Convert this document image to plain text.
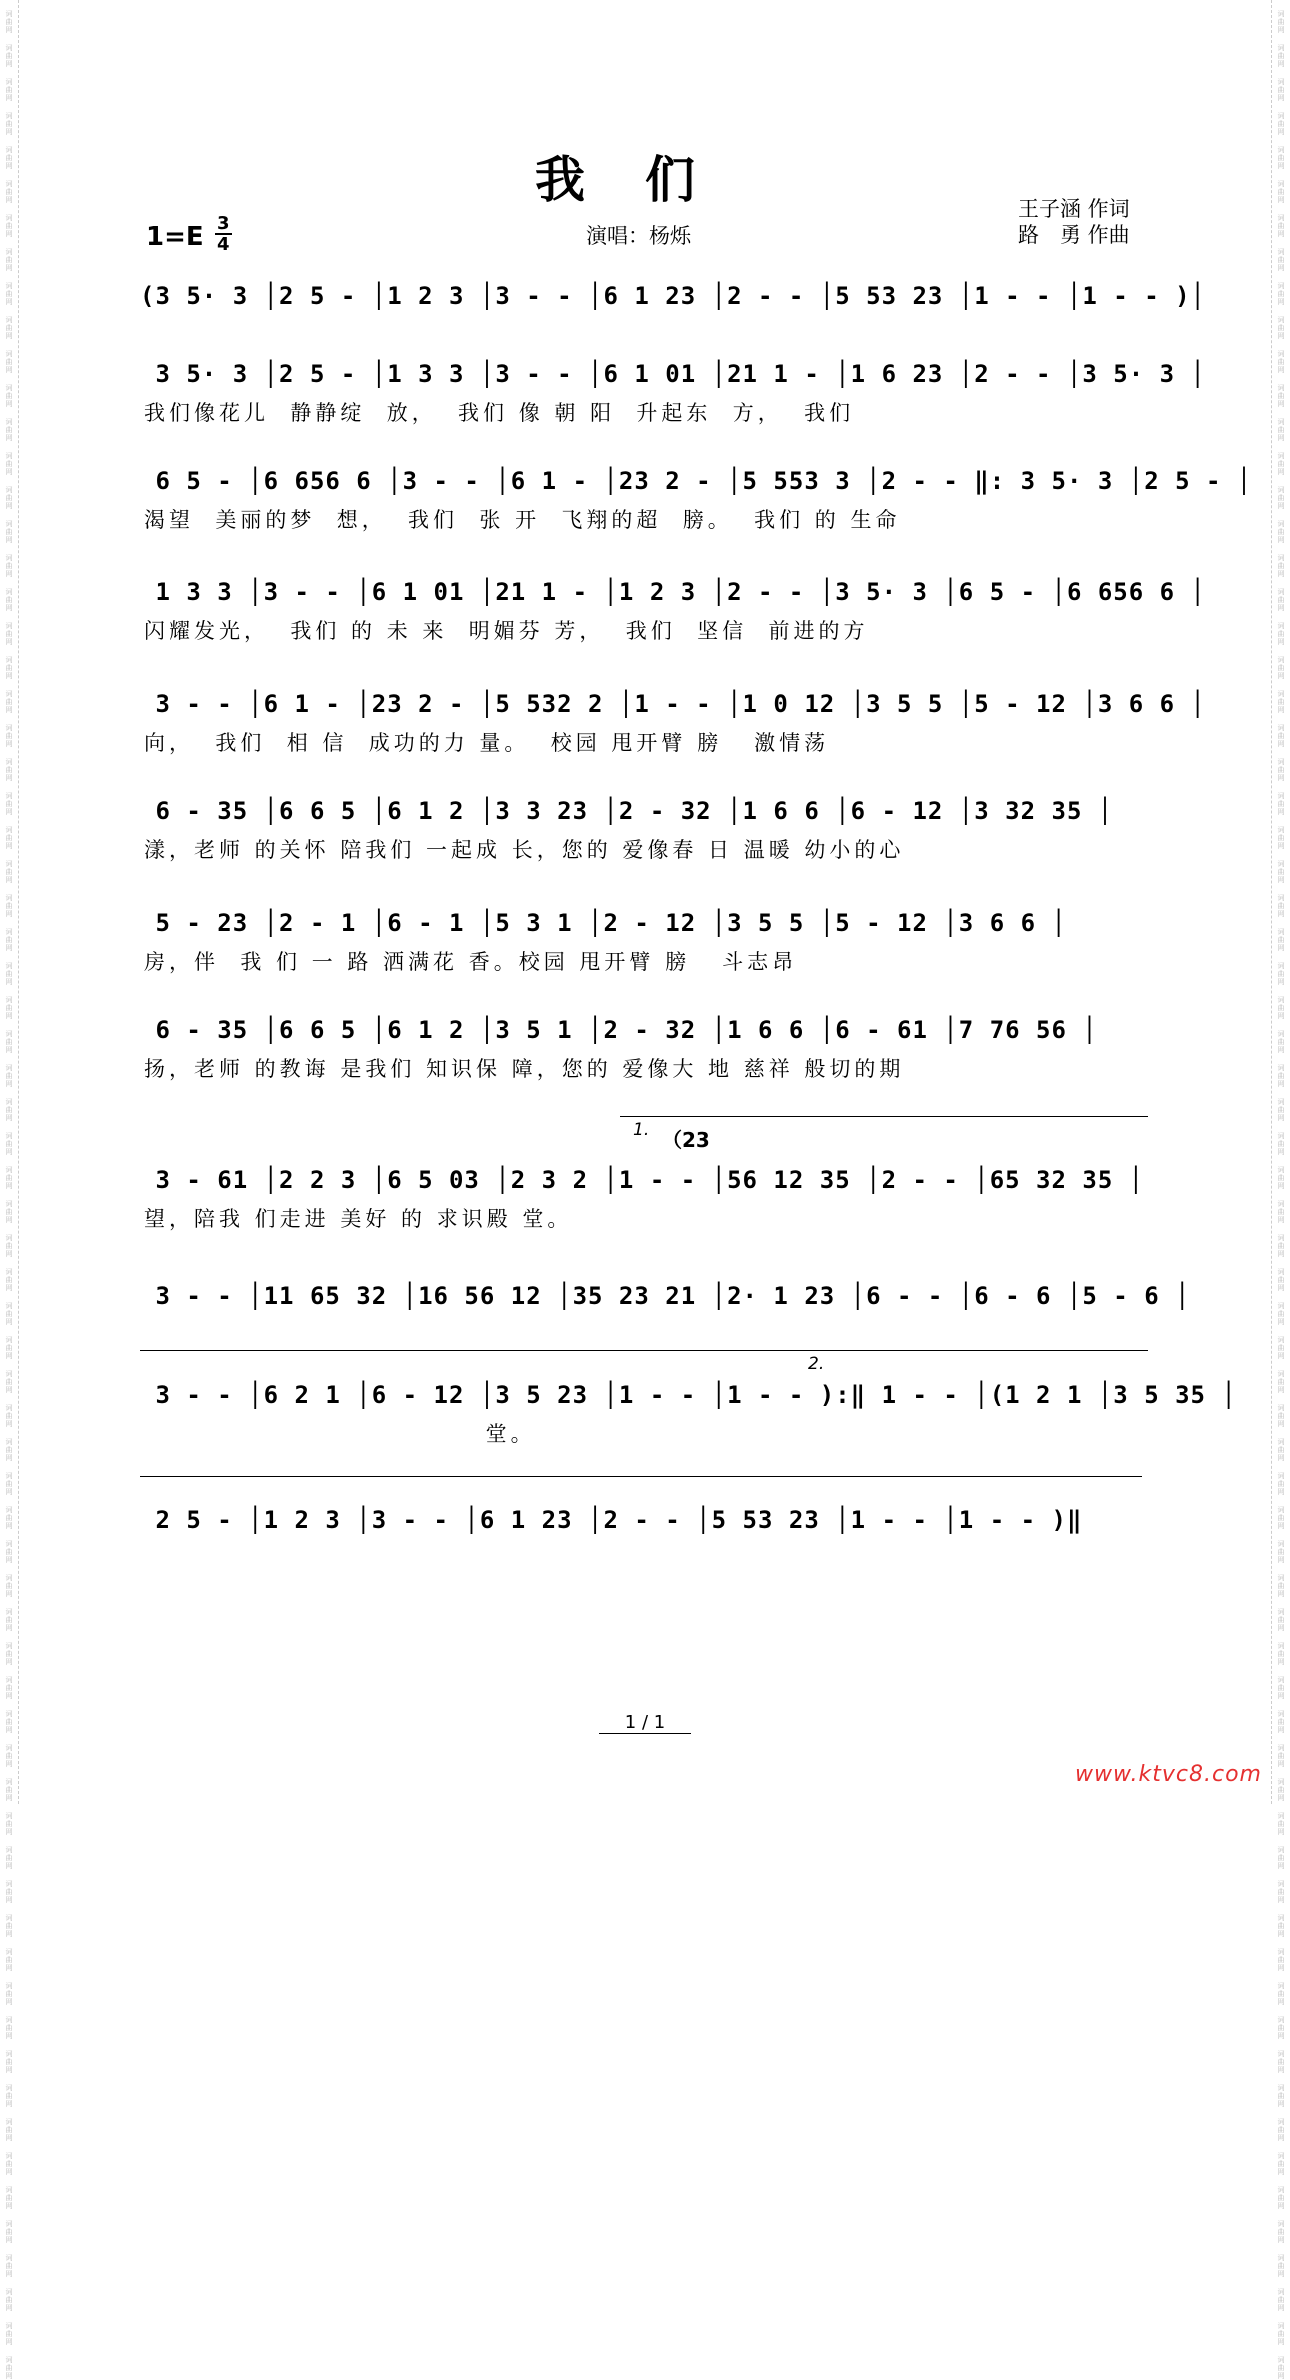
词
曲
网
词
曲
网
词
曲
网
词
曲
网
词
曲
网
词
曲
网
词
曲
网
词
曲
网
词
曲
网
词
曲
网
词
曲
网
词
曲
网
词
曲
网
词
曲
网
词
曲
网
词
曲
网
词
曲
网
词
曲
网
词
曲
网
词
曲
网
词
曲
网
词
曲
网
词
曲
网
词
曲
网
词
曲
网
词
曲
网
词
曲
网
词
曲
网
词
曲
网
词
曲
网
词
曲
网
词
曲
网
词
曲
网
词
曲
网
词
曲
网
词
曲
网
词
曲
网
词
曲
网
词
曲
网
词
曲
网
词
曲
网
词
曲
网
词
曲
网
词
曲
网
词
曲
网
词
曲
网
词
曲
网
词
曲
网
词
曲
网
词
曲
网
词
曲
网
词
曲
网
词
曲
网
词
曲
网
词
曲
网
词
曲
网
词
曲
网
词
曲
网
词
曲
网
词
曲
网
词
曲
网
词
曲
网
词
曲
网
词
曲
网
词
曲
网
词
曲
网
词
曲
网
词
曲
网
词
曲
网
词
曲
网
词
曲
网
词
曲
网
词
曲
网
词
曲
网
词
曲
网
词
曲
网
词
曲
网
词
曲
网
词
曲
网
词
曲
网
词
曲
网
词
曲
网
词
曲
网
词
曲
网
词
曲
网
词
曲
网
词
曲
网
词
曲
网
词
曲
网
词
曲
网
词
曲
网
词
曲
网
词
曲
网
词
曲
网
词
曲
网
词
曲
网
词
曲
网
词
曲
网
词
曲
网
词
曲
网
词
曲
网
词
曲
网
词
曲
网
词
曲
网
词
曲
网
词
曲
网
词
曲
网
词
曲
网
词
曲
网
词
曲
网
词
曲
网
词
曲
网
词
曲
网
词
曲
网
词
曲
网
词
曲
网
词
曲
网
词
曲
网
词
曲
网
词
曲
网
词
曲
网
词
曲
网
词
曲
网
词
曲
网
词
曲
网
词
曲
网
词
曲
网
词
曲
网
词
曲
网
词
曲
网
词
曲
网
词
曲
网
词
曲
网
词
曲
网
词
曲
网
词
曲
网
词
曲
网
词
曲
网
词
曲
网
词
曲
网
我们
1=E 3
4	演唱：杨烁
王子涵 作词
路　勇 作曲
(3 5· 3 │2 5 - │1 2 3 │3 - - │6 1 23 │2 - - │5 53 23 │1 - - │1 - - )│
3 5· 3 │2 5 - │1 3 3 │3 - - │6 1 01 │21 1 - │1 6 23 │2 - - │3 5· 3 │
我们像花儿  静静绽  放，  我们 像 朝 阳  升起东  方，  我们
6 5 - │6 656 6 │3 - - │6 1 - │23 2 - │5 553 3 │2 - - ‖: 3 5· 3 │2 5 - │
渴望  美丽的梦  想，  我们  张 开  飞翔的超  膀。  我们 的 生命
1 3 3 │3 - - │6 1 01 │21 1 - │1 2 3 │2 - - │3 5· 3 │6 5 - │6 656 6 │
闪耀发光，  我们 的 未 来  明媚芬 芳，  我们  坚信  前进的方
3 - - │6 1 - │23 2 - │5 532 2 │1 - - │1 0 12 │3 5 5 │5 - 12 │3 6 6 │
向，  我们  相 信  成功的力 量。  校园 甩开臂 膀   激情荡
6 - 35 │6 6 5 │6 1 2 │3 3 23 │2 - 32 │1 6 6 │6 - 12 │3 32 35 │
漾，老师 的关怀 陪我们 一起成 长，您的 爱像春 日 温暖 幼小的心
5 - 23 │2 - 1 │6 - 1 │5 3 1 │2 - 12 │3 5 5 │5 - 12 │3 6 6 │
房，伴  我 们 一 路 洒满花 香。校园 甩开臂 膀   斗志昂
6 - 35 │6 6 5 │6 1 2 │3 5 1 │2 - 32 │1 6 6 │6 - 61 │7 76 56 │
扬，老师 的教诲 是我们 知识保 障，您的 爱像大 地 慈祥 般切的期
1. （23
3 - 61 │2 2 3 │6 5 03 │2 3 2 │1 - - │56 12 35 │2 - - │65 32 35 │
望，陪我 们走进 美好 的 求识殿 堂。
3 - - │11 65 32 │16 56 12 │35 23 21 │2· 1 23 │6 - - │6 - 6 │5 - 6 │
2.
3 - - │6 2 1 │6 - 12 │3 5 23 │1 - - │1 - - ):‖ 1 - - │(1 2 1 │3 5 35 │
堂。
2 5 - │1 2 3 │3 - - │6 1 23 │2 - - │5 53 23 │1 - - │1 - - )‖
1 / 1
www.ktvc8.com
